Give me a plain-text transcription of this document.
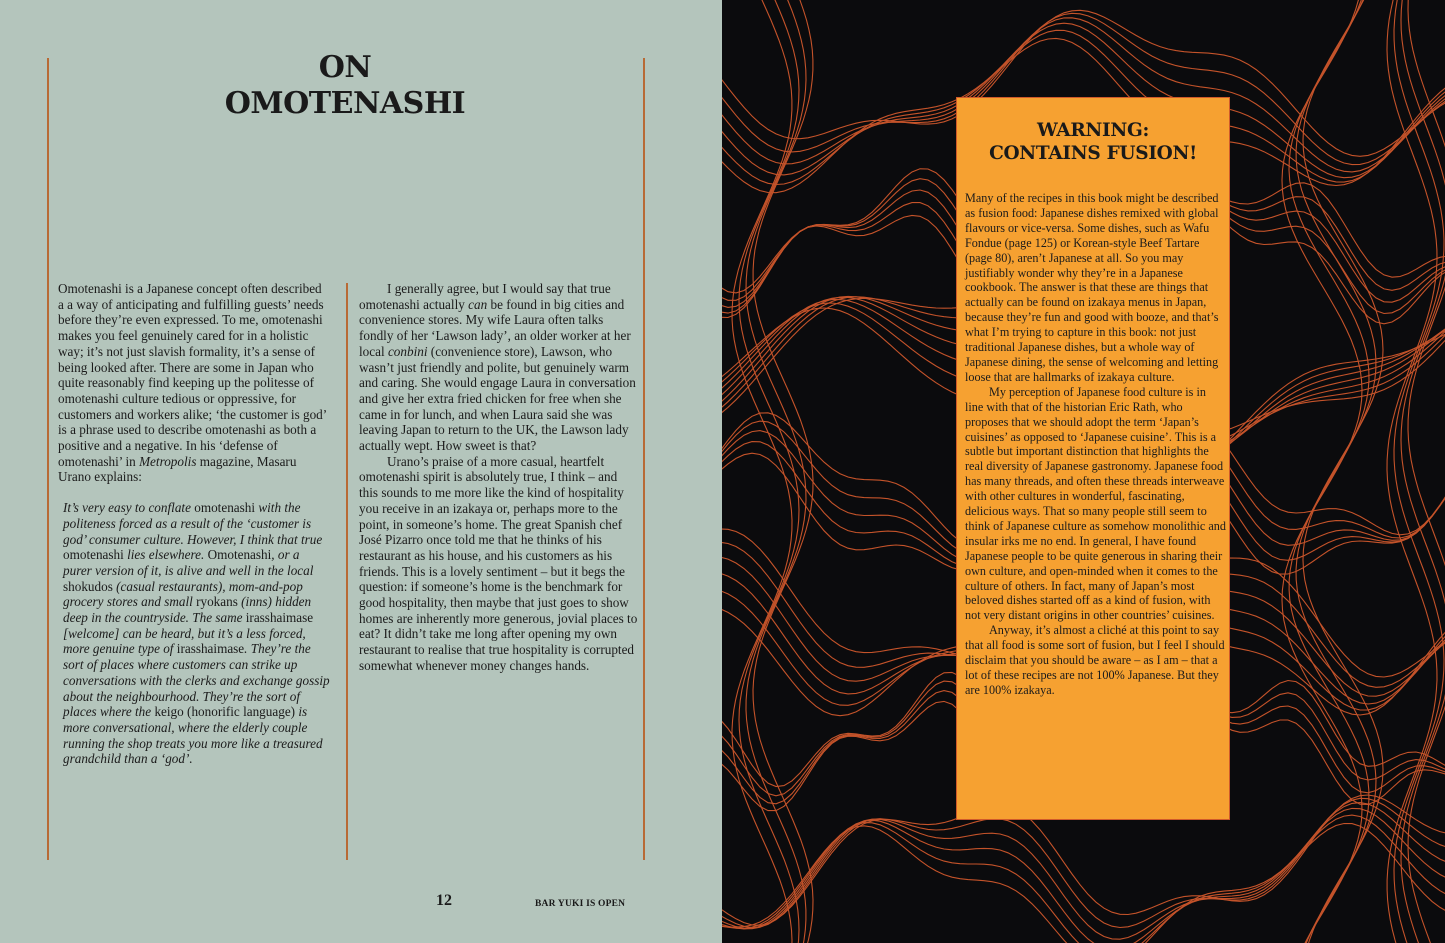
ON
OMOTENASHI

Omotenashi is a Japanese concept often described a a way of anticipating and fulfilling guests’ needs before they’re even expressed. To me, omotenashi makes you feel genuinely cared for in a holistic way; it’s not just slavish formality, it’s a sense of being looked after. There are some in Japan who quite reasonably find keeping up the politesse of omotenashi culture tedious or oppressive, for customers and workers alike; ‘the customer is god’ is a phrase used to describe omotenashi as both a positive and a negative. In his ‘defense of omotenashi’ in Metropolis magazine, Masaru Urano explains:

It’s very easy to conflate omotenashi with the politeness forced as a result of the ‘customer is god’ consumer culture. However, I think that true omotenashi lies elsewhere. Omotenashi, or a purer version of it, is alive and well in the local shokudos (casual restaurants), mom-and-pop grocery stores and small ryokans (inns) hidden deep in the countryside. The same irasshaimase [welcome] can be heard, but it’s a less forced, more genuine type of irasshaimase. They’re the sort of places where customers can strike up conversations with the clerks and exchange gossip about the neighbourhood. They’re the sort of places where the keigo (honorific language) is more conversational, where the elderly couple running the shop treats you more like a treasured grandchild than a ‘god’.

I generally agree, but I would say that true omotenashi actually can be found in big cities and convenience stores. My wife Laura often talks fondly of her ‘Lawson lady’, an older worker at her local conbini (convenience store), Lawson, who wasn’t just friendly and polite, but genuinely warm and caring. She would engage Laura in conversation and give her extra fried chicken for free when she came in for lunch, and when Laura said she was leaving Japan to return to the UK, the Lawson lady actually wept. How sweet is that?

Urano’s praise of a more casual, heartfelt omotenashi spirit is absolutely true, I think – and this sounds to me more like the kind of hospitality you receive in an izakaya or, perhaps more to the point, in someone’s home. The great Spanish chef José Pizarro once told me that he thinks of his restaurant as his house, and his customers as his friends. This is a lovely sentiment – but it begs the question: if someone’s home is the benchmark for good hospitality, then maybe that just goes to show homes are inherently more generous, jovial places to eat? It didn’t take me long after opening my own restaurant to realise that true hospitality is corrupted somewhat whenever money changes hands.

12	BAR YUKI IS OPEN
WARNING:
CONTAINS FUSION!

Many of the recipes in this book might be described as fusion food: Japanese dishes remixed with global flavours or vice-versa. Some dishes, such as Wafu Fondue (page 125) or Korean-style Beef Tartare (page 80), aren’t Japanese at all. So you may justifiably wonder why they’re in a Japanese cookbook. The answer is that these are things that actually can be found on izakaya menus in Japan, because they’re fun and good with booze, and that’s what I’m trying to capture in this book: not just traditional Japanese dishes, but a whole way of Japanese dining, the sense of welcoming and letting loose that are hallmarks of izakaya culture.

My perception of Japanese food culture is in line with that of the historian Eric Rath, who proposes that we should adopt the term ‘Japan’s cuisines’ as opposed to ‘Japanese cuisine’. This is a subtle but important distinction that highlights the real diversity of Japanese gastronomy. Japanese food has many threads, and often these threads interweave with other cultures in wonderful, fascinating, delicious ways. That so many people still seem to think of Japanese culture as somehow monolithic and insular irks me no end. In general, I have found Japanese people to be quite generous in sharing their own culture, and open-minded when it comes to the culture of others. In fact, many of Japan’s most beloved dishes started off as a kind of fusion, with not very distant origins in other countries’ cuisines.

Anyway, it’s almost a cliché at this point to say that all food is some sort of fusion, but I feel I should disclaim that you should be aware – as I am – that a lot of these recipes are not 100% Japanese. But they are 100% izakaya.
